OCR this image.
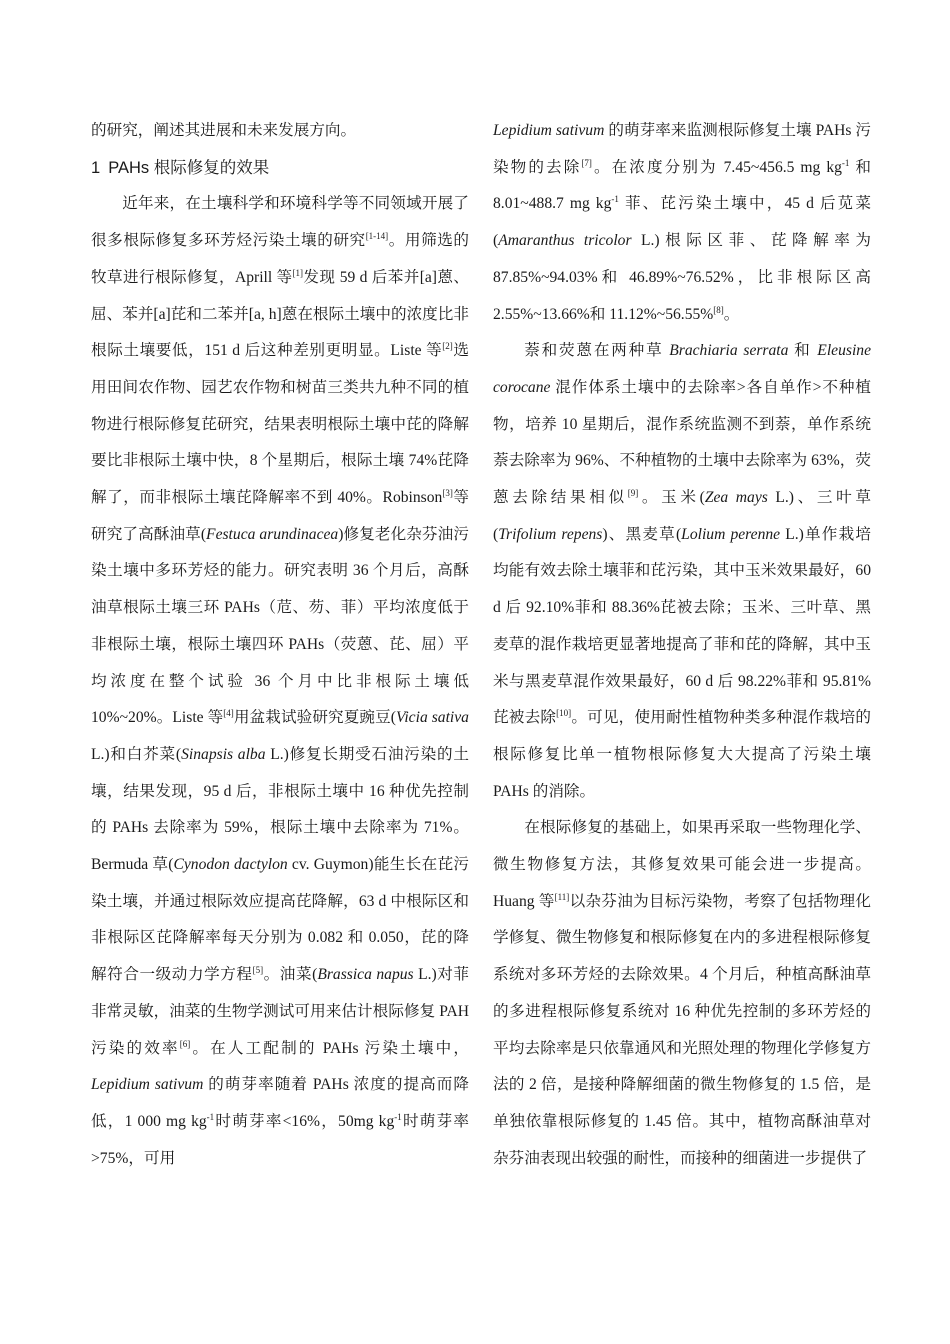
的研究，阐述其进展和未来发展方向。

1 PAHs 根际修复的效果

近年来，在土壤科学和环境科学等不同领域开展了很多根际修复多环芳烃污染土壤的研究[1-14]。用筛选的牧草进行根际修复，Aprill 等[1]发现 59 d 后苯并[a]蒽、屈、苯并[a]芘和二苯并[a, h]蒽在根际土壤中的浓度比非根际土壤要低，151 d 后这种差别更明显。Liste 等[2]选用田间农作物、园艺农作物和树苗三类共九种不同的植物进行根际修复芘研究，结果表明根际土壤中芘的降解要比非根际土壤中快，8 个星期后，根际土壤 74%芘降解了，而非根际土壤芘降解率不到 40%。Robinson[3]等研究了高酥油草(Festuca arundinacea)修复老化杂芬油污染土壤中多环芳烃的能力。研究表明 36 个月后，高酥油草根际土壤三环 PAHs（苊、芴、菲）平均浓度低于非根际土壤，根际土壤四环 PAHs（荧蒽、芘、屈）平均浓度在整个试验 36 个月中比非根际土壤低 10%~20%。Liste 等[4]用盆栽试验研究夏豌豆(Vicia sativa L.)和白芥菜(Sinapsis alba L.)修复长期受石油污染的土壤，结果发现，95 d 后，非根际土壤中 16 种优先控制的 PAHs 去除率为 59%，根际土壤中去除率为 71%。Bermuda 草(Cynodon dactylon cv. Guymon)能生长在芘污染土壤，并通过根际效应提高芘降解，63 d 中根际区和非根际区芘降解率每天分别为 0.082 和 0.050，芘的降解符合一级动力学方程[5]。油菜(Brassica napus L.)对菲非常灵敏，油菜的生物学测试可用来估计根际修复 PAH 污染的效率[6]。在人工配制的 PAHs 污染土壤中，Lepidium sativum 的萌芽率随着 PAHs 浓度的提高而降低，1 000 mg $kg^{-1}$时萌芽率<16%，50mg $kg^{-1}$时萌芽率>75%，可用

Lepidium sativum 的萌芽率来监测根际修复土壤 PAHs 污染物的去除[7]。在浓度分别为 7.45~456.5 mg $kg^{-1}$ 和 8.01~488.7 mg $kg^{-1}$ 菲、芘污染土壤中，45 d 后苋菜(Amaranthus tricolor L.)根际区菲、芘降解率为 87.85%~94.03%和 46.89%~76.52%，比非根际区高 2.55%~13.66%和 11.12%~56.55%[8]。

萘和荧蒽在两种草 Brachiaria serrata 和 Eleusine corocane 混作体系土壤中的去除率>各自单作>不种植物，培养 10 星期后，混作系统监测不到萘，单作系统萘去除率为 96%、不种植物的土壤中去除率为 63%，荧蒽去除结果相似[9]。玉米(Zea mays L.)、三叶草(Trifolium repens)、黑麦草(Lolium perenne L.)单作栽培均能有效去除土壤菲和芘污染，其中玉米效果最好，60 d 后 92.10%菲和 88.36%芘被去除；玉米、三叶草、黑麦草的混作栽培更显著地提高了菲和芘的降解，其中玉米与黑麦草混作效果最好，60 d 后 98.22%菲和 95.81%芘被去除[10]。可见，使用耐性植物种类多种混作栽培的根际修复比单一植物根际修复大大提高了污染土壤 PAHs 的消除。

在根际修复的基础上，如果再采取一些物理化学、微生物修复方法，其修复效果可能会进一步提高。Huang 等[11]以杂芬油为目标污染物，考察了包括物理化学修复、微生物修复和根际修复在内的多进程根际修复系统对多环芳烃的去除效果。4 个月后，种植高酥油草的多进程根际修复系统对 16 种优先控制的多环芳烃的平均去除率是只依靠通风和光照处理的物理化学修复方法的 2 倍，是接种降解细菌的微生物修复的 1.5 倍，是单独依靠根际修复的 1.45 倍。其中，植物高酥油草对杂芬油表现出较强的耐性，而接种的细菌进一步提供了
